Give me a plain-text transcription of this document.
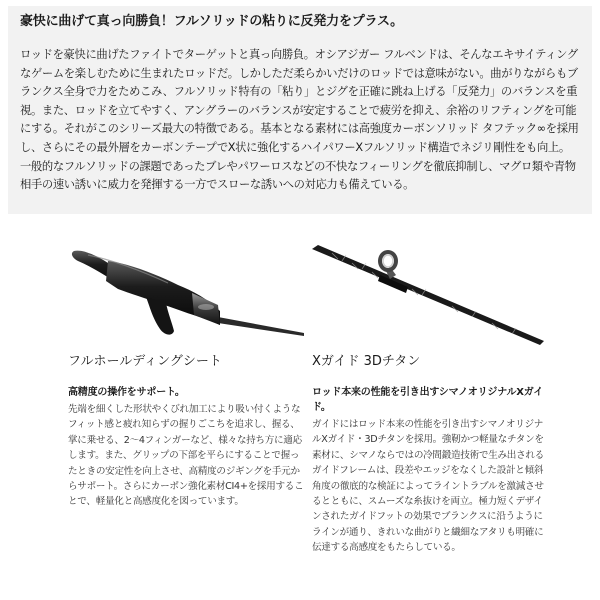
豪快に曲げて真っ向勝負！フルソリッドの粘りに反発力をプラス。

ロッドを豪快に曲げたファイトでターゲットと真っ向勝負。オシアジガー フルベンドは、そんなエキサイティングなゲームを楽しむために生まれたロッドだ。しかしただ柔らかいだけのロッドでは意味がない。曲がりながらもブランクス全身で力をためこみ、フルソリッド特有の「粘り」とジグを正確に跳ね上げる「反発力」のバランスを重視。また、ロッドを立てやすく、アングラーのバランスが安定することで疲労を抑え、余裕のリフティングを可能にする。それがこのシリーズ最大の特徴である。基本となる素材には高強度カーボンソリッド タフテック∞を採用し、さらにその最外層をカーボンテープでX状に強化するハイパワーXフルソリッド構造でネジリ剛性をも向上。一般的なフルソリッドの課題であったブレやパワーロスなどの不快なフィーリングを徹底抑制し、マグロ類や青物相手の速い誘いに威力を発揮する一方でスローな誘いへの対応力も備えている。

フルホールディングシート
高精度の操作をサポート。

先端を細くした形状やくびれ加工により吸い付くようなフィット感と疲れ知らずの握りごこちを追求し、握る、掌に乗せる、2～4フィンガーなど、様々な持ち方に適応します。また、グリップの下部を平らにすることで握ったときの安定性を向上させ、高精度のジギングを手元からサポート。さらにカーボン強化素材CI4+を採用することで、軽量化と高感度化を図っています。

Xガイド 3Dチタン
ロッド本来の性能を引き出すシマノオリジナルXガイド。

ガイドにはロッド本来の性能を引き出すシマノオリジナルXガイド・3Dチタンを採用。強靭かつ軽量なチタンを素材に、シマノならではの冷間鍛造技術で生み出されるガイドフレームは、段差やエッジをなくした設計と傾斜角度の徹底的な検証によってライントラブルを激減させるとともに、スムーズな糸抜けを両立。極力短くデザインされたガイドフットの効果でブランクスに沿うようにラインが通り、きれいな曲がりと繊細なアタリも明確に伝達する高感度をもたらしている。
